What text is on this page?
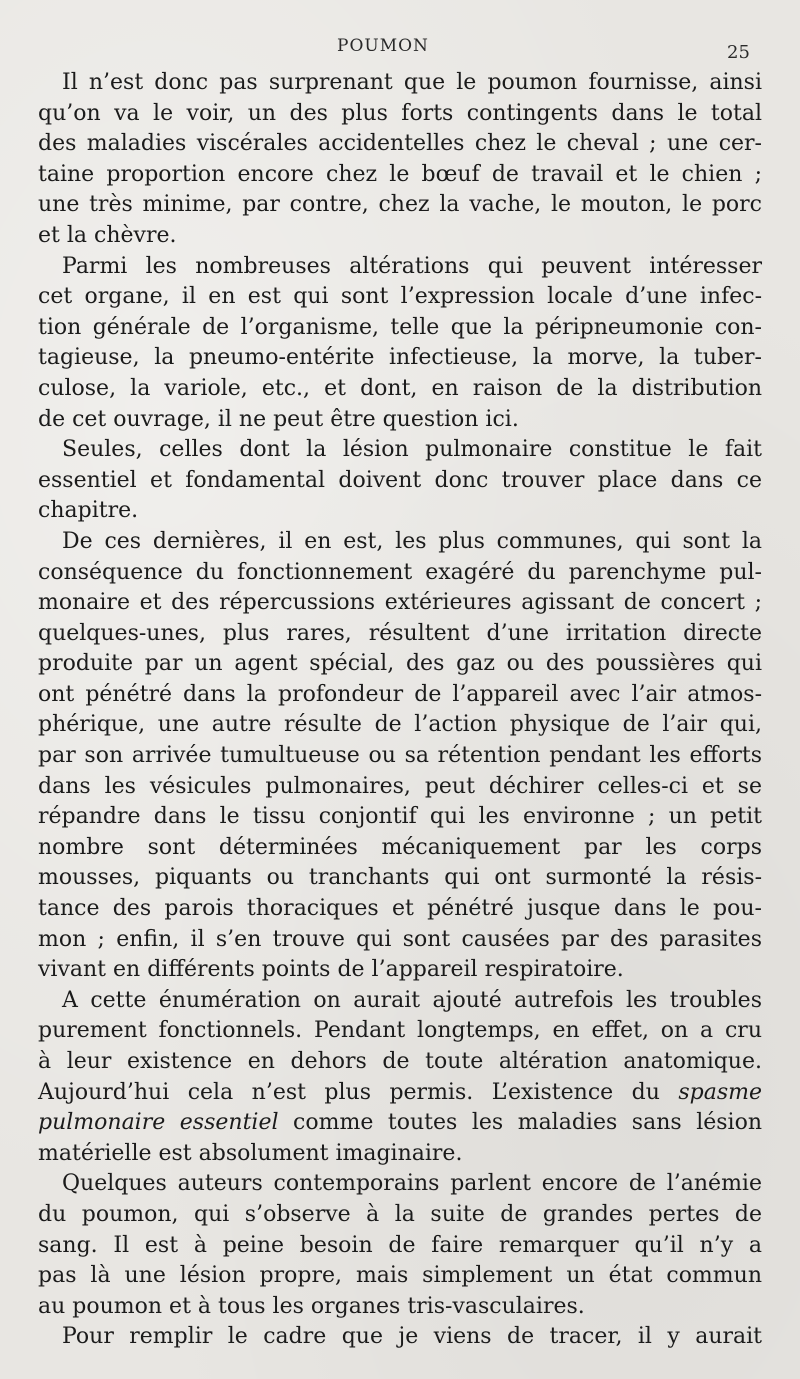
POUMON	25
Il n’est donc pas surprenant que le poumon fournisse, ainsi
qu’on va le voir, un des plus forts contingents dans le total
des maladies viscérales accidentelles chez le cheval ; une cer-
taine proportion encore chez le bœuf de travail et le chien ;
une très minime, par contre, chez la vache, le mouton, le porc
et la chèvre.
Parmi les nombreuses altérations qui peuvent intéresser
cet organe, il en est qui sont l’expression locale d’une infec-
tion générale de l’organisme, telle que la péripneumonie con-
tagieuse, la pneumo-entérite infectieuse, la morve, la tuber-
culose, la variole, etc., et dont, en raison de la distribution
de cet ouvrage, il ne peut être question ici.
Seules, celles dont la lésion pulmonaire constitue le fait
essentiel et fondamental doivent donc trouver place dans ce
chapitre.
De ces dernières, il en est, les plus communes, qui sont la
conséquence du fonctionnement exagéré du parenchyme pul-
monaire et des répercussions extérieures agissant de concert ;
quelques-unes, plus rares, résultent d’une irritation directe
produite par un agent spécial, des gaz ou des poussières qui
ont pénétré dans la profondeur de l’appareil avec l’air atmos-
phérique, une autre résulte de l’action physique de l’air qui,
par son arrivée tumultueuse ou sa rétention pendant les efforts
dans les vésicules pulmonaires, peut déchirer celles-ci et se
répandre dans le tissu conjontif qui les environne ; un petit
nombre sont déterminées mécaniquement par les corps
mousses, piquants ou tranchants qui ont surmonté la résis-
tance des parois thoraciques et pénétré jusque dans le pou-
mon ; enfin, il s’en trouve qui sont causées par des parasites
vivant en différents points de l’appareil respiratoire.
A cette énumération on aurait ajouté autrefois les troubles
purement fonctionnels. Pendant longtemps, en effet, on a cru
à leur existence en dehors de toute altération anatomique.
Aujourd’hui cela n’est plus permis. L’existence du spasme
pulmonaire essentiel comme toutes les maladies sans lésion
matérielle est absolument imaginaire.
Quelques auteurs contemporains parlent encore de l’anémie
du poumon, qui s’observe à la suite de grandes pertes de
sang. Il est à peine besoin de faire remarquer qu’il n’y a
pas là une lésion propre, mais simplement un état commun
au poumon et à tous les organes tris-vasculaires.
Pour remplir le cadre que je viens de tracer, il y aurait
